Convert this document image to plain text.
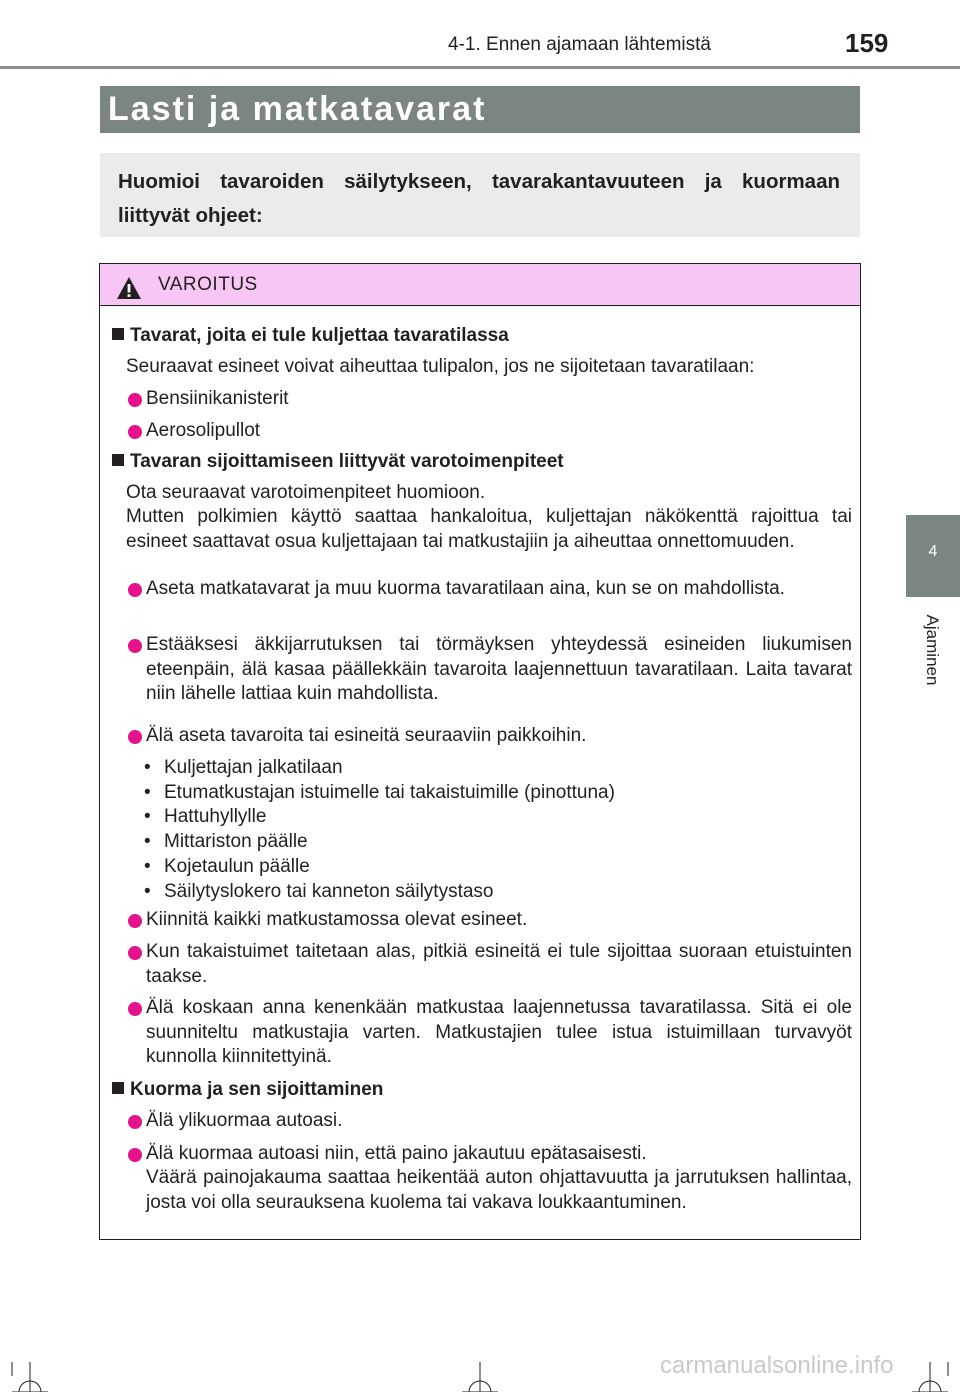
4-1. Ennen ajamaan lähtemistä	159
Lasti ja matkatavarat
Huomioi tavaroiden säilytykseen, tavarakantavuuteen ja kuormaan liittyvät ohjeet:
4
Ajaminen
VAROITUS
Tavarat, joita ei tule kuljettaa tavaratilassa
Seuraavat esineet voivat aiheuttaa tulipalon, jos ne sijoitetaan tavaratilaan:
Bensiinikanisterit
Aerosolipullot
Tavaran sijoittamiseen liittyvät varotoimenpiteet
Ota seuraavat varotoimenpiteet huomioon.
Mutten polkimien käyttö saattaa hankaloitua, kuljettajan näkökenttä rajoittua tai esineet saattavat osua kuljettajaan tai matkustajiin ja aiheuttaa onnettomuuden.
Aseta matkatavarat ja muu kuorma tavaratilaan aina, kun se on mahdollista.
Estääksesi äkkijarrutuksen tai törmäyksen yhteydessä esineiden liukumisen eteenpäin, älä kasaa päällekkäin tavaroita laajennettuun tavaratilaan. Laita tavarat niin lähelle lattiaa kuin mahdollista.
Älä aseta tavaroita tai esineitä seuraaviin paikkoihin.
• Kuljettajan jalkatilaan
• Etumatkustajan istuimelle tai takaistuimille (pinottuna)
• Hattuhyllylle
• Mittariston päälle
• Kojetaulun päälle
• Säilytyslokero tai kanneton säilytystaso
Kiinnitä kaikki matkustamossa olevat esineet.
Kun takaistuimet taitetaan alas, pitkiä esineitä ei tule sijoittaa suoraan etuistuinten taakse.
Älä koskaan anna kenenkään matkustaa laajennetussa tavaratilassa. Sitä ei ole suunniteltu matkustajia varten. Matkustajien tulee istua istuimillaan turvavyöt kunnolla kiinnitettyinä.
Kuorma ja sen sijoittaminen
Älä ylikuormaa autoasi.
Älä kuormaa autoasi niin, että paino jakautuu epätasaisesti.
Väärä painojakauma saattaa heikentää auton ohjattavuutta ja jarrutuksen hallintaa, josta voi olla seurauksena kuolema tai vakava loukkaantuminen.
carmanualsonline.info
